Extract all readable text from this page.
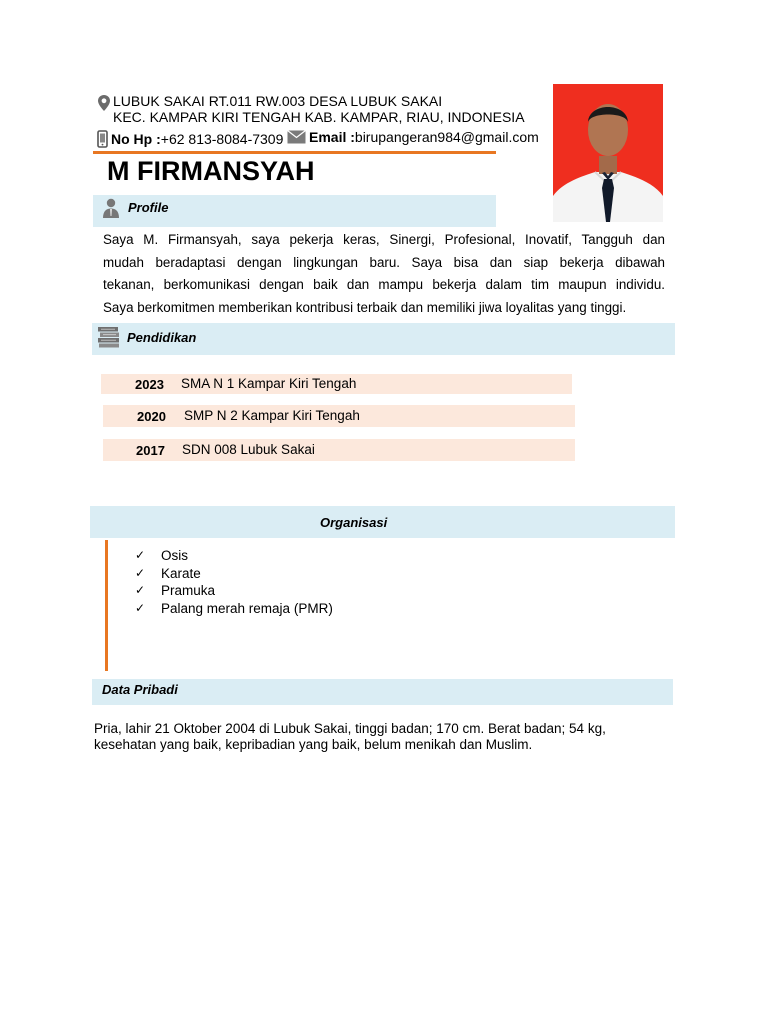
LUBUK SAKAI RT.011 RW.003 DESA LUBUK SAKAI
KEC. KAMPAR KIRI TENGAH KAB. KAMPAR, RIAU, INDONESIA
No Hp :+62 813-8084-7309 Email :birupangeran984@gmail.com
M FIRMANSYAH
Profile
Saya M. Firmansyah, saya pekerja keras, Sinergi, Profesional, Inovatif, Tangguh dan
mudah beradaptasi dengan lingkungan baru. Saya bisa dan siap bekerja dibawah
tekanan, berkomunikasi dengan baik dan mampu bekerja dalam tim maupun individu.
Saya berkomitmen memberikan kontribusi terbaik dan memiliki jiwa loyalitas yang tinggi.
Pendidikan
2023 SMA N 1 Kampar Kiri Tengah
2020 SMP N 2 Kampar Kiri Tengah
2017 SDN 008 Lubuk Sakai
Organisasi
✓	Osis
✓	Karate
✓	Pramuka
✓	Palang merah remaja (PMR)
Data Pribadi
Pria, lahir 21 Oktober 2004 di Lubuk Sakai, tinggi badan; 170 cm. Berat badan; 54 kg,
kesehatan yang baik, kepribadian yang baik, belum menikah dan Muslim.
